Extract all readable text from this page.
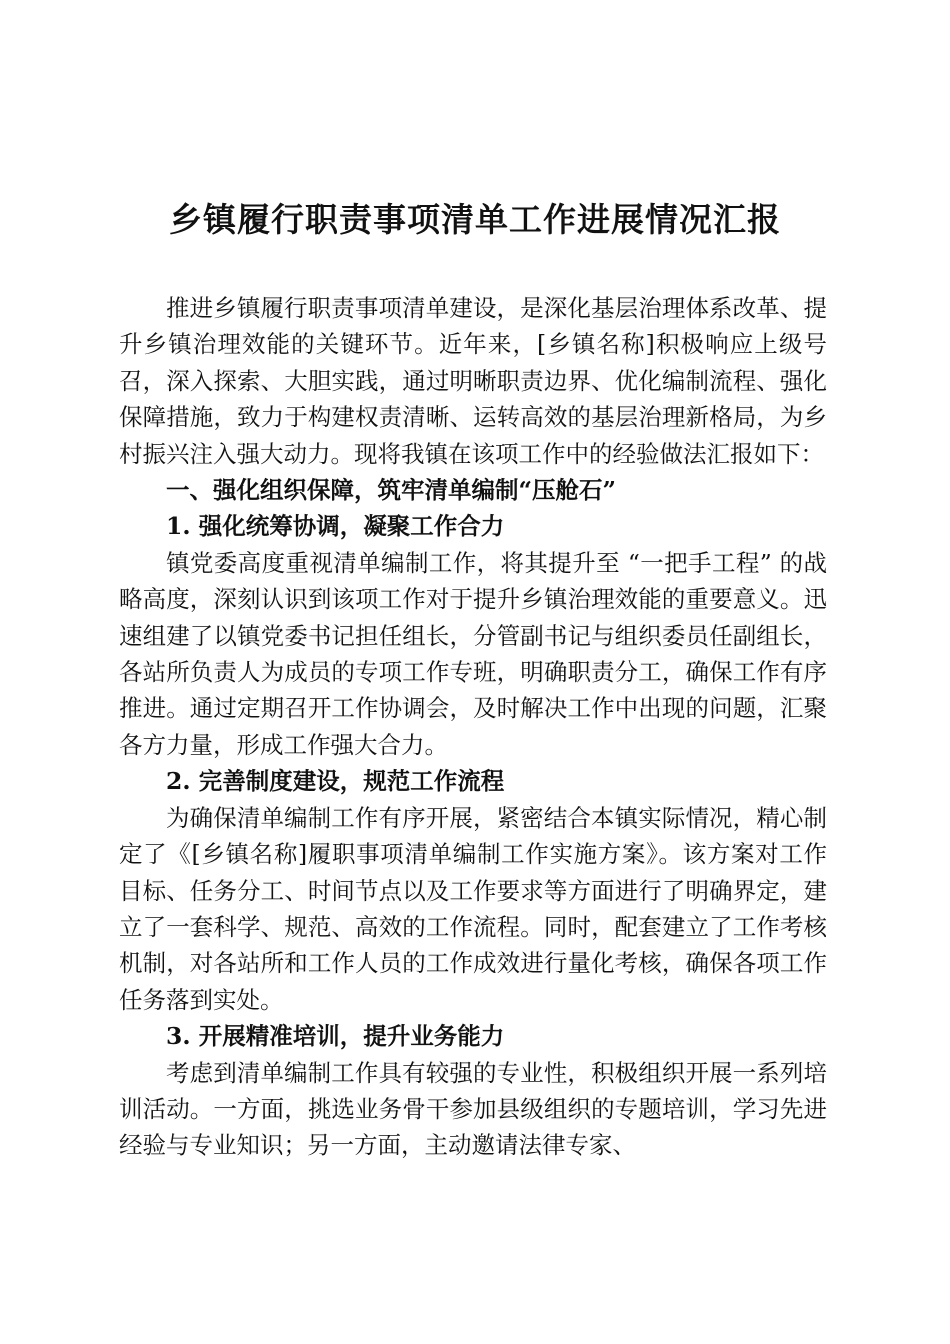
乡镇履行职责事项清单工作进展情况汇报

推进乡镇履行职责事项清单建设，是深化基层治理体系改革、提升乡镇治理效能的关键环节。近年来，[乡镇名称]积极响应上级号召，深入探索、大胆实践，通过明晰职责边界、优化编制流程、强化保障措施，致力于构建权责清晰、运转高效的基层治理新格局，为乡村振兴注入强大动力。现将我镇在该项工作中的经验做法汇报如下：

一、强化组织保障，筑牢清单编制“压舱石”

1. 强化统筹协调，凝聚工作合力

镇党委高度重视清单编制工作，将其提升至 “一把手工程” 的战略高度，深刻认识到该项工作对于提升乡镇治理效能的重要意义。迅速组建了以镇党委书记担任组长，分管副书记与组织委员任副组长，各站所负责人为成员的专项工作专班，明确职责分工，确保工作有序推进。通过定期召开工作协调会，及时解决工作中出现的问题，汇聚各方力量，形成工作强大合力。

2. 完善制度建设，规范工作流程

为确保清单编制工作有序开展，紧密结合本镇实际情况，精心制定了《[乡镇名称]履职事项清单编制工作实施方案》。该方案对工作目标、任务分工、时间节点以及工作要求等方面进行了明确界定，建立了一套科学、规范、高效的工作流程。同时，配套建立了工作考核机制，对各站所和工作人员的工作成效进行量化考核，确保各项工作任务落到实处。

3. 开展精准培训，提升业务能力

考虑到清单编制工作具有较强的专业性，积极组织开展一系列培训活动。一方面，挑选业务骨干参加县级组织的专题培训，学习先进经验与专业知识；另一方面，主动邀请法律专家、
